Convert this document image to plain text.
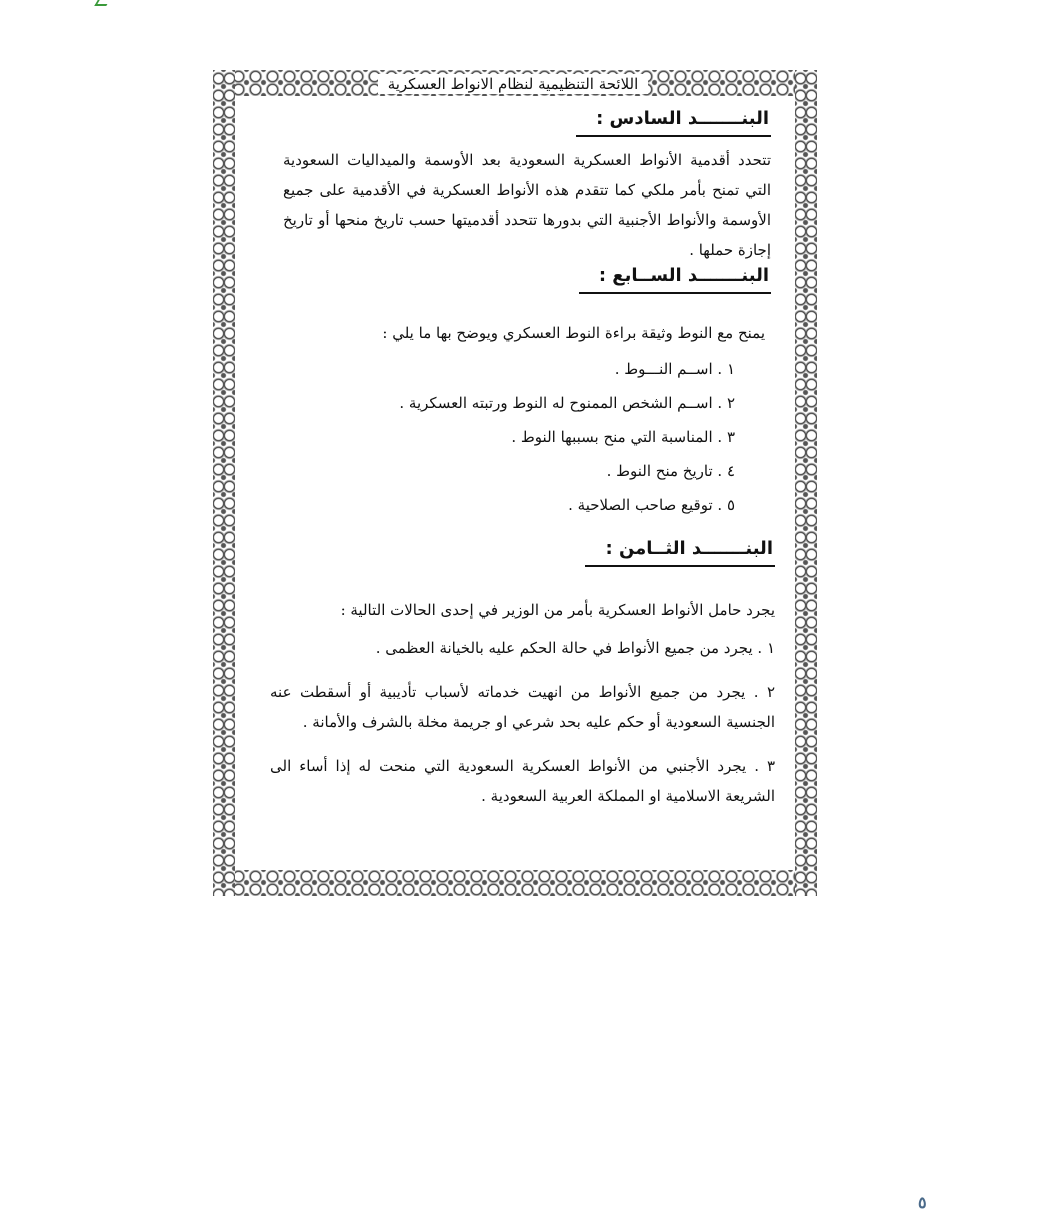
اللائحة التنظيمية لنظام الانواط العسكرية
البنـــــــد السادس :

تتحدد أقدمية الأنواط العسكرية السعودية بعد الأوسمة والميداليات السعودية التي تمنح بأمر ملكي كما تتقدم هذه الأنواط العسكرية في الأقدمية على جميع الأوسمة والأنواط الأجنبية التي بدورها تتحدد أقدميتها حسب تاريخ منحها أو تاريخ إجازة حملها .

البنـــــــد الســابع :

يمنح مع النوط وثيقة براءة النوط العسكري ويوضح بها ما يلي :

١ . اســم النـــوط .
٢ . اســم الشخص الممنوح له النوط ورتبته العسكرية .
٣ . المناسبة التي منح بسببها النوط .
٤ . تاريخ منح النوط .
٥ . توقيع صاحب الصلاحية .
البنـــــــد الثــامن :

يجرد حامل الأنواط العسكرية بأمر من الوزير في إحدى الحالات التالية :

١ . يجرد من جميع الأنواط في حالة الحكم عليه بالخيانة العظمى .
٢ . يجرد من جميع الأنواط من انهيت خدماته لأسباب تأديبية أو أسقطت عنه الجنسية السعودية أو حكم عليه بحد شرعي او جريمة مخلة بالشرف والأمانة .
٣ . يجرد الأجنبي من الأنواط العسكرية السعودية التي منحت له إذا أساء الى الشريعة الاسلامية او المملكة العربية السعودية .
٥
